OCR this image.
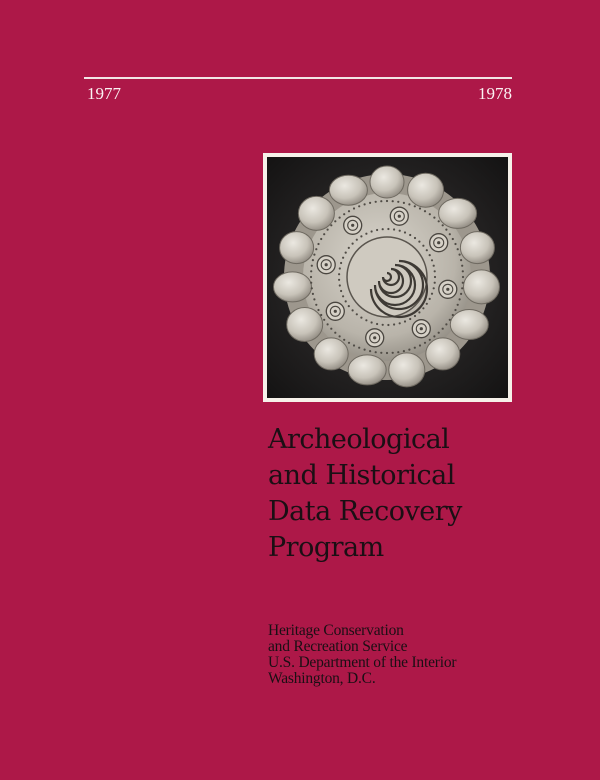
1977	1978
Archeological
and Historical
Data Recovery
Program
Heritage Conservation
and Recreation Service
U.S. Department of the Interior
Washington, D.C.
